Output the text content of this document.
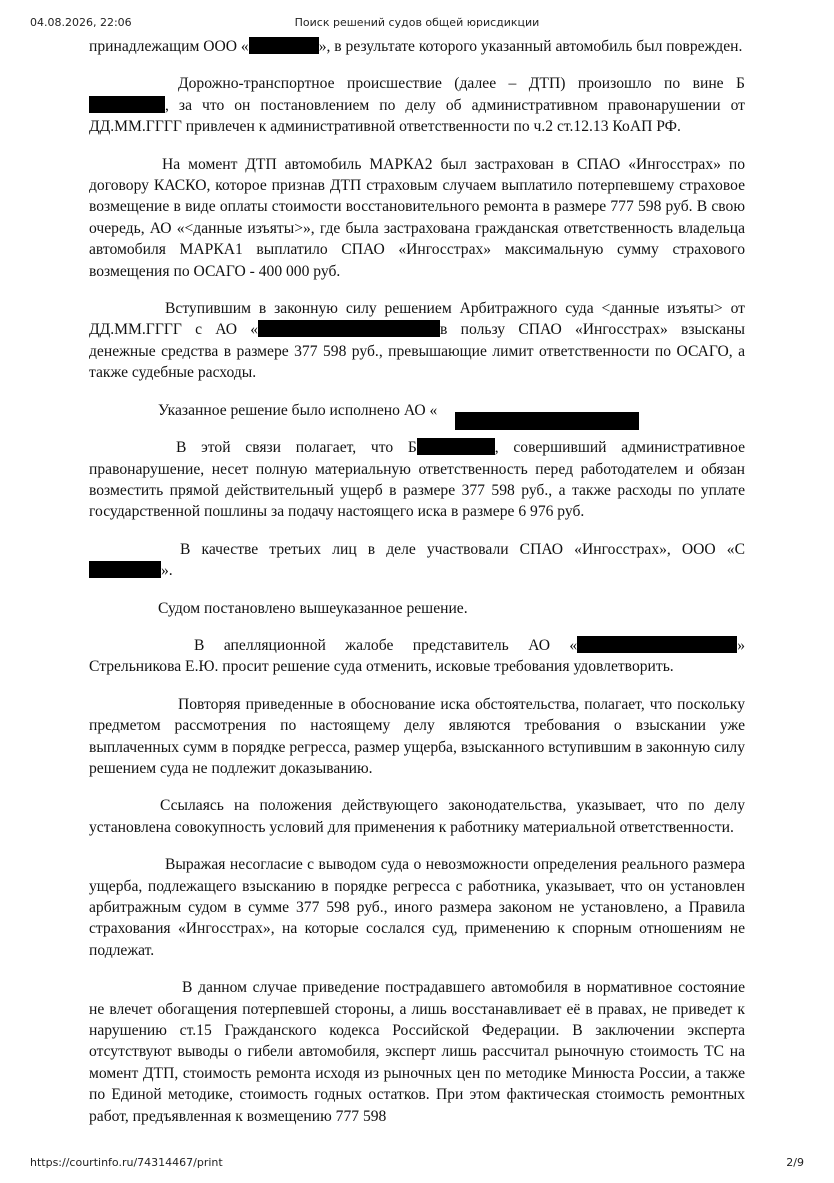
04.08.2026, 22:06	Поиск решений судов общей юрисдикции

принадлежащим ООО «	», в результате которого указанный автомобиль был поврежден.

Дорожно-транспортное происшествие (далее – ДТП) произошло по вине Б, за что он постановлением по делу об административном правонарушении от ДД.ММ.ГГГГ привлечен к административной ответственности по ч.2 ст.12.13 КоАП РФ.

На момент ДТП автомобиль МАРКА2 был застрахован в СПАО «Ингосстрах» по договору КАСКО, которое признав ДТП страховым случаем выплатило потерпевшему страховое возмещение в виде оплаты стоимости восстановительного ремонта в размере 777 598 руб. В свою очередь, АО «<данные изъяты>», где была застрахована гражданская ответственность владельца автомобиля МАРКА1 выплатило СПАО «Ингосстрах» максимальную сумму страхового возмещения по ОСАГО - 400 000 руб.

Вступившим в законную силу решением Арбитражного суда <данные изъяты> от ДД.ММ.ГГГГ с АО «	в пользу СПАО «Ингосстрах» взысканы денежные средства в размере 377 598 руб., превышающие лимит ответственности по ОСАГО, а также судебные расходы.

Указанное решение было исполнено АО «

В этой связи полагает, что Б	, совершивший административное правонарушение, несет полную материальную ответственность перед работодателем и обязан возместить прямой действительный ущерб в размере 377 598 руб., а также расходы по уплате государственной пошлины за подачу настоящего иска в размере 6 976 руб.

В качестве третьих лиц в деле участвовали СПАО «Ингосстрах», ООО «С».

Судом постановлено вышеуказанное решение.

В апелляционной жалобе представитель АО «	» Стрельникова Е.Ю. просит решение суда отменить, исковые требования удовлетворить.

Повторяя приведенные в обоснование иска обстоятельства, полагает, что поскольку предметом рассмотрения по настоящему делу являются требования о взыскании уже выплаченных сумм в порядке регресса, размер ущерба, взысканного вступившим в законную силу решением суда не подлежит доказыванию.

Ссылаясь на положения действующего законодательства, указывает, что по делу установлена совокупность условий для применения к работнику материальной ответственности.

Выражая несогласие с выводом суда о невозможности определения реального размера ущерба, подлежащего взысканию в порядке регресса с работника, указывает, что он установлен арбитражным судом в сумме 377 598 руб., иного размера законом не установлено, а Правила страхования «Ингосстрах», на которые сослался суд, применению к спорным отношениям не подлежат.

В данном случае приведение пострадавшего автомобиля в нормативное состояние не влечет обогащения потерпевшей стороны, а лишь восстанавливает её в правах, не приведет к нарушению ст.15 Гражданского кодекса Российской Федерации. В заключении эксперта отсутствуют выводы о гибели автомобиля, эксперт лишь рассчитал рыночную стоимость ТС на момент ДТП, стоимость ремонта исходя из рыночных цен по методике Минюста России, а также по Единой методике, стоимость годных остатков. При этом фактическая стоимость ремонтных работ, предъявленная к возмещению 777 598

https://courtinfo.ru/74314467/print	2/9
